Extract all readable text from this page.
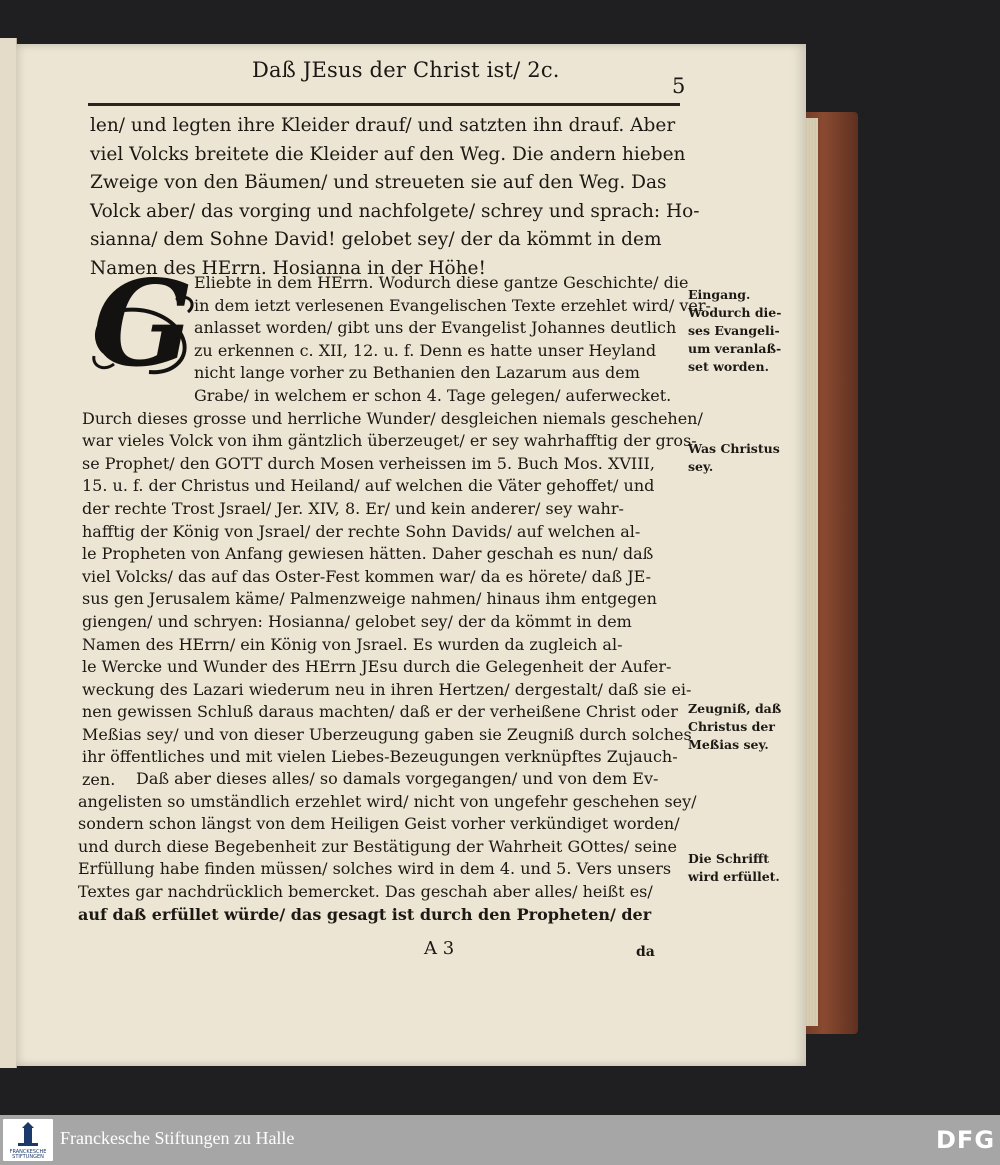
Daß JEsus der Christ ist/ 2c.
5
len/ und legten ihre Kleider drauf/ und satzten ihn drauf. Aber
viel Volcks breitete die Kleider auf den Weg. Die andern hieben
Zweige von den Bäumen/ und streueten sie auf den Weg. Das
Volck aber/ das vorging und nachfolgete/ schrey und sprach: Ho-
sianna/ dem Sohne David! gelobet sey/ der da kömmt in dem
Namen des HErrn. Hosianna in der Höhe!
G Eliebte in dem HErrn. Wodurch diese gantze Geschichte/ die
in dem ietzt verlesenen Evangelischen Texte erzehlet wird/ ver-
anlasset worden/ gibt uns der Evangelist Johannes deutlich
zu erkennen c. XII, 12. u. f. Denn es hatte unser Heyland
nicht lange vorher zu Bethanien den Lazarum aus dem
Grabe/ in welchem er schon 4. Tage gelegen/ auferwecket.
Durch dieses grosse und herrliche Wunder/ desgleichen niemals geschehen/
war vieles Volck von ihm gäntzlich überzeuget/ er sey wahrhafftig der gros-
se Prophet/ den GOTT durch Mosen verheissen im 5. Buch Mos. XVIII,
15. u. f. der Christus und Heiland/ auf welchen die Väter gehoffet/ und
der rechte Trost Jsrael/ Jer. XIV, 8. Er/ und kein anderer/ sey wahr-
hafftig der König von Jsrael/ der rechte Sohn Davids/ auf welchen al-
le Propheten von Anfang gewiesen hätten. Daher geschah es nun/ daß
viel Volcks/ das auf das Oster-Fest kommen war/ da es hörete/ daß JE-
sus gen Jerusalem käme/ Palmenzweige nahmen/ hinaus ihm entgegen
giengen/ und schryen: Hosianna/ gelobet sey/ der da kömmt in dem
Namen des HErrn/ ein König von Jsrael. Es wurden da zugleich al-
le Wercke und Wunder des HErrn JEsu durch die Gelegenheit der Aufer-
weckung des Lazari wiederum neu in ihren Hertzen/ dergestalt/ daß sie ei-
nen gewissen Schluß daraus machten/ daß er der verheißene Christ oder
Meßias sey/ und von dieser Uberzeugung gaben sie Zeugniß durch solches
ihr öffentliches und mit vielen Liebes-Bezeugungen verknüpftes Zujauch-
zen.	Daß aber dieses alles/ so damals vorgegangen/ und von dem Ev-
angelisten so umständlich erzehlet wird/ nicht von ungefehr geschehen sey/
sondern schon längst von dem Heiligen Geist vorher verkündiget worden/
und durch diese Begebenheit zur Bestätigung der Wahrheit GOttes/ seine
Erfüllung habe finden müssen/ solches wird in dem 4. und 5. Vers unsers
Textes gar nachdrücklich bemercket. Das geschah aber alles/ heißt es/
auf daß erfüllet würde/ das gesagt ist durch den Propheten/ der
Eingang.
Wodurch die-
ses Evangeli-
um veranlaß-
set worden.
Was Christus
sey.
Zeugniß, daß
Christus der
Meßias sey.
Die Schrifft
wird erfüllet.
A 3	da
FRANCKESCHE STIFTUNGEN
Franckesche Stiftungen zu Halle	DFG
